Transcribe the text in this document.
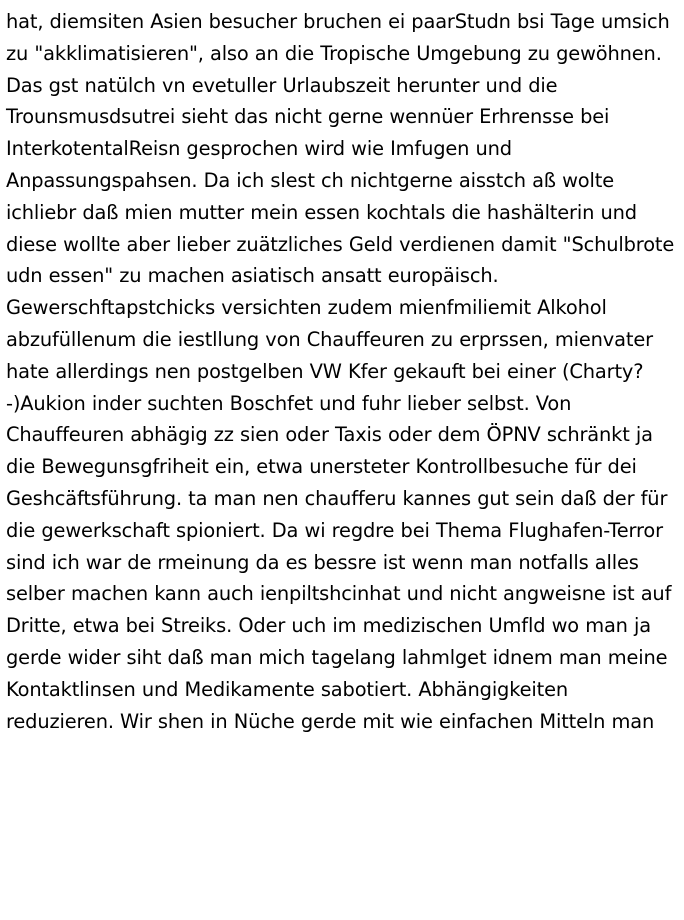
hat, diemsiten Asien besucher bruchen ei paarStudn bsi Tage umsich zu "akklimatisieren", also an die Tropische Umgebung zu gewöhnen. Das gst natülch vn evetuller Urlaubszeit herunter und die Trounsmusdsutrei sieht das nicht gerne wennüer Erhrensse bei InterkotentalReisn gesprochen wird wie Imfugen und Anpassungspahsen. Da ich slest ch nichtgerne aisstch aß wolte ichliebr daß mien mutter mein essen kochtals die hashälterin und diese wollte aber lieber zuätzliches Geld verdienen damit "Schulbrote udn essen" zu machen asiatisch ansatt europäisch. Gewerschftapstchicks versichten zudem mienfmiliemit Alkohol abzufüllenum die iestllung von Chauffeuren zu erprssen, mienvater hate allerdings nen postgelben VW Kfer gekauft bei einer (Charty?-)Aukion inder suchten Boschfet und fuhr lieber selbst. Von Chauffeuren abhägig zz sien oder Taxis oder dem ÖPNV schränkt ja die Bewegunsgfriheit ein, etwa unersteter Kontrollbesuche für dei Geshcäftsführung. ta man nen chaufferu kannes gut sein daß der für die gewerkschaft spioniert. Da wi regdre bei Thema Flughafen-Terror sind ich war de rmeinung da es bessre ist wenn man notfalls alles selber machen kann auch ienpiltshcinhat und nicht angweisne ist auf Dritte, etwa bei Streiks. Oder uch im medizischen Umfld wo man ja gerde wider siht daß man mich tagelang lahmlget idnem man meine Kontaktlinsen und Medikamente sabotiert. Abhängigkeiten reduzieren. Wir shen in Nüche gerde mit wie einfachen Mitteln man
